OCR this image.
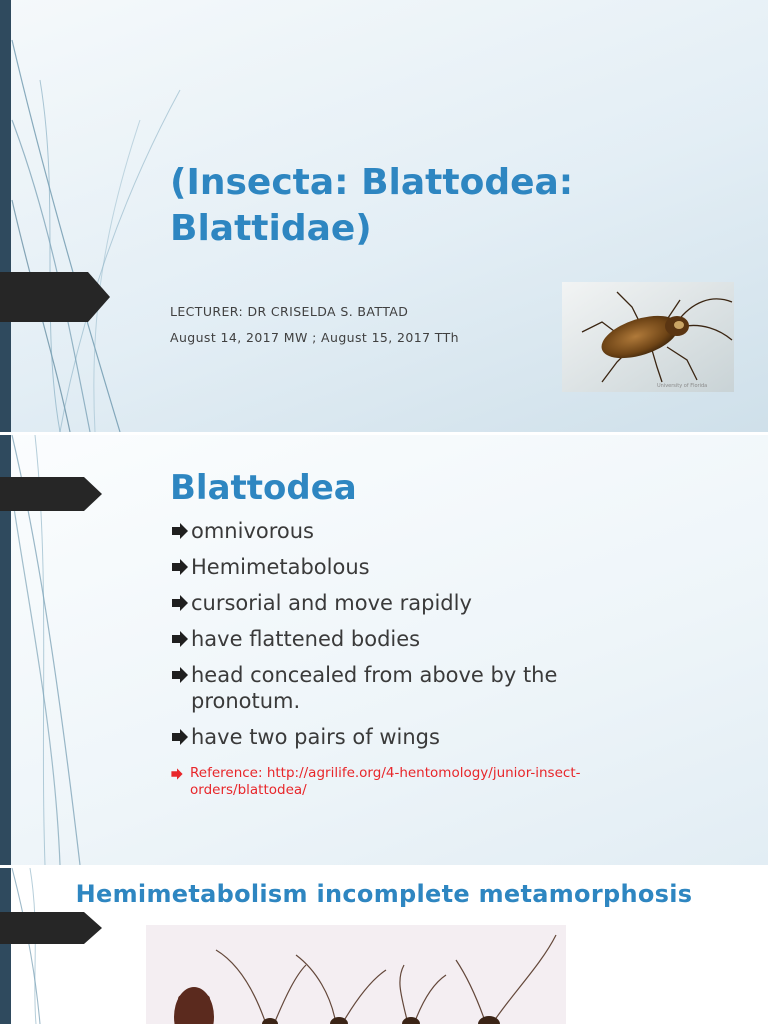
(Insecta: Blattodea:
Blattidae)
LECTURER: DR CRISELDA S. BATTAD
August 14, 2017 MW ; August 15, 2017 TTh
University of Florida
Blattodea
omnivorous
Hemimetabolous
cursorial and move rapidly
have flattened bodies
head concealed from above by the pronotum.
have two pairs of wings

Reference: http://agrilife.org/4-hentomology/junior-insect-orders/blattodea/

Hemimetabolism incomplete metamorphosis
